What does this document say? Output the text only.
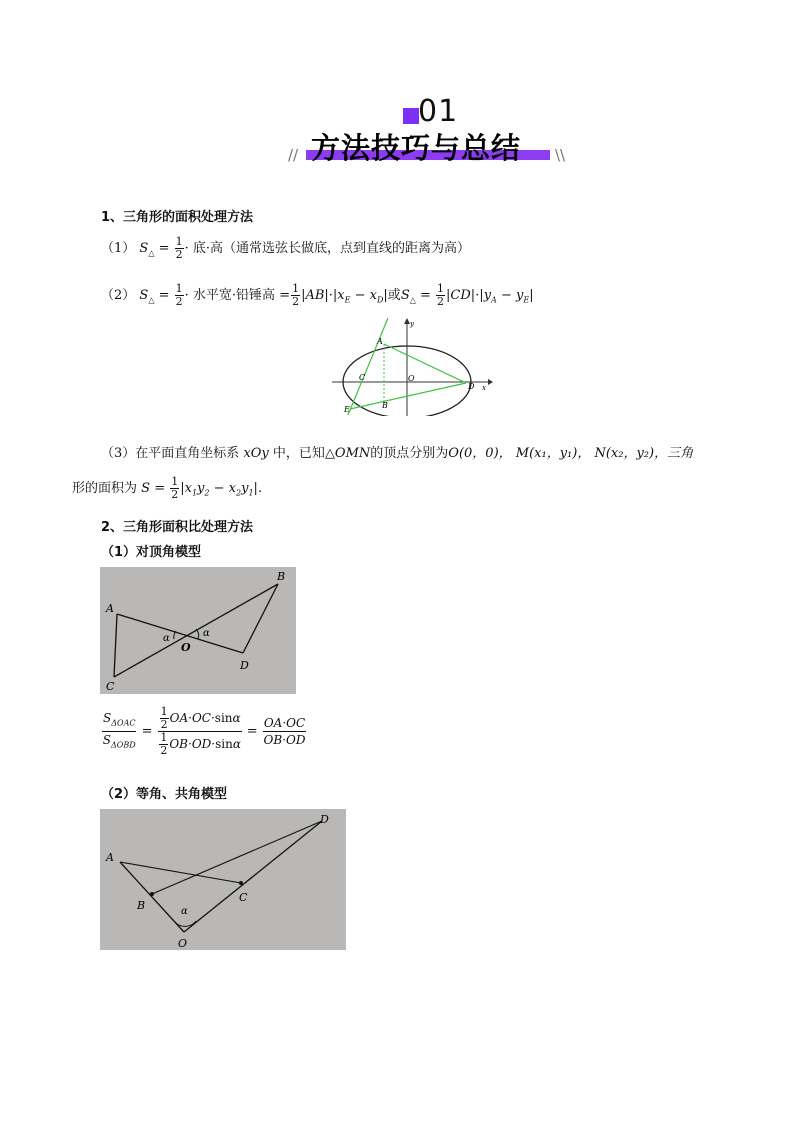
01
方法技巧与总结
//	\\
1、三角形的面积处理方法
（1） $S_\triangle = \frac{1}{2}$ · 底·高（通常选弦长做底，点到直线的距离为高）
（2） $S_\triangle = \frac{1}{2}$ · 水平宽·铅锤高 = $\frac{1}{2} |AB|\cdot|x_E - x_D|$或$S_\triangle = \frac{1}{2} |CD|\cdot|y_A - y_E|$
A
C	O
D
E	B
x
y
（3）在平面直角坐标系 xOy 中，已知△OMN的顶点分别为O(0，0)， M(x₁，y₁)， N(x₂，y₂)，三角
形的面积为 $S = \frac{1}{2} |x_1y_2 - x_2y_1|$.
2、三角形面积比处理方法
（1）对顶角模型
A
B
O
C
D
α	α
$\frac{S_{\Delta OAC}}{S_{\Delta OBD}} = \frac{\frac{1}{2} OA\cdot OC\cdot\sin\alpha}{\frac{1}{2} OB\cdot OD\cdot\sin\alpha} = \frac{OA\cdot OC}{OB\cdot OD}$
（2）等角、共角模型
A
B
C
D
O
α
